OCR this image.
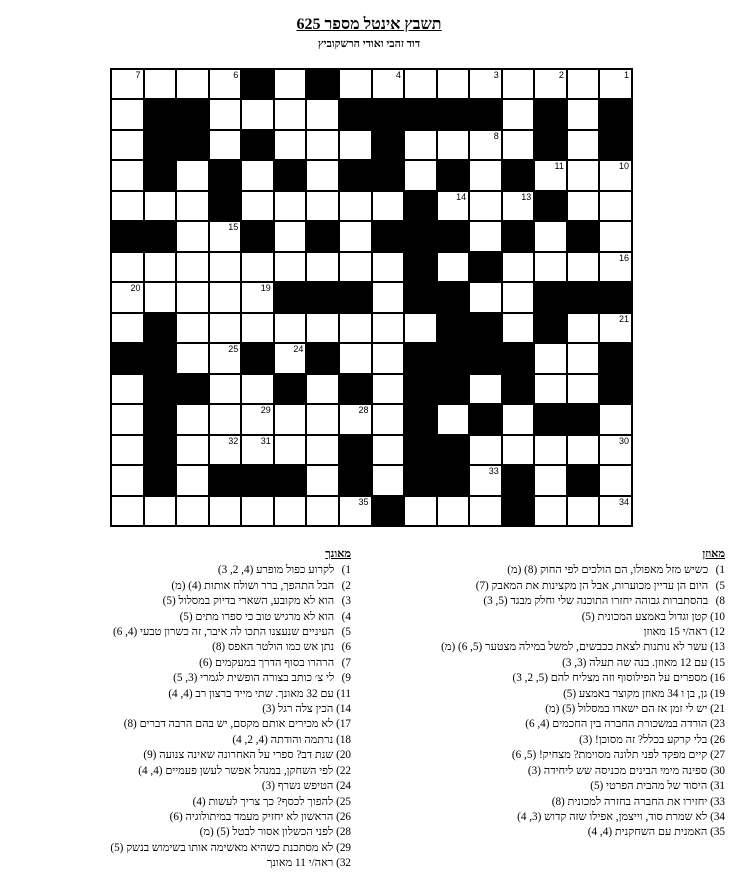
תשבץ אינטל מספר 625
דוד זהבי ואודי הרשקוביץ
7	6	4	3	2	1
8
11	10
14	13
15
16
20	19
21
25	24
29	28
32	31	30
33
35	34
מאוזן
1) כשיש מזל מאפולו, הם הולכים לפי החוק (8) (מ)
5) היום הן עדיין מכוערות, אבל הן מקצינות את המאבק (7)
8) בהסתברות גבוהה יחזרו התוכנה שלי וחלק מבגד (5, 3)
10) קטן וגדול באמצע המכונית (5)
12) ראה/י 15 מאוזן
13) עשר לא נותנות לצאת ככבשים, למשל במילה מצטער (5, 6) (מ)
15) עם 12 מאוזן. בנה שה תעלה (3, 3)
16) מספרים על הפילוסוף וזה מצליח להם (5, 2, 3)
19) גן, בן ו 34 מאוזן מקוצר באמצע (5)
21) יש לי זמן אז הם ישארו במסלול (5) (מ)
23) הורדה במשכורת החברה בין החכמים (4, 6)
26) בלי קרקע בכלל? זה מסוכן! (3)
27) קיים מפקד לפני תלונה מסוימת? מצחיק! (5, 6)
30) ספינה מימי הבינים מכניסה שש ליחידה (3)
31) היסוד של מהבית הפרטי (5)
33) יחזירו את החברה בחזרה למכונית (8)
34) לא שמרת סוד, וייצמן, אפילו שזה קדוש (3, 4)
35) האמנית עם השחקנית (4, 4)
מאונך
1) לקרוע כפול מופרע (4, 2, 3)
2) הבל התהפך, ברר ושולח אותות (4) (מ)
3) הוא לא מקובע, השארי בדיוק במסלול (5)
4) הוא לא מרגיש טוב כי ספרו מתים (5)
5) העיניים שנעצנו התכו לה איבר, זה כשרון טבעי (4, 6)
6) נתן אש כמו הולטר האפס (8)
7) הרהרו בסוף הדרך במעקמים (6)
9) לי צ׳ כותב בצורה הופשית לגמרי (3, 5)
11) עם 32 מאונך. שתי מייד ברצון רב (4, 4)
14) הכין צלה רגל (3)
17) לא מכירים אותם מקסם, יש בהם הרבה דברים (8)
18) נרתמה והודתה (4, 2, 4)
20) שנת דב? ספרי על האחרונה שאינה צנועה (9)
22) לפי השחקן, במנהל אפשר לעשן פעמיים (4, 4)
24) הטיפש נשרף (3)
25) להפוך לכסף? כך צריך לעשות (4)
26) הראשון לא יחזיק מעמד במיתולוגיה (6)
28) לפני הכשלון אסור לבטל (5) (מ)
29) לא מסתכנת כשהיא מאשימה אותו בשימוש בנשק (5)
32) ראה/י 11 מאונך
